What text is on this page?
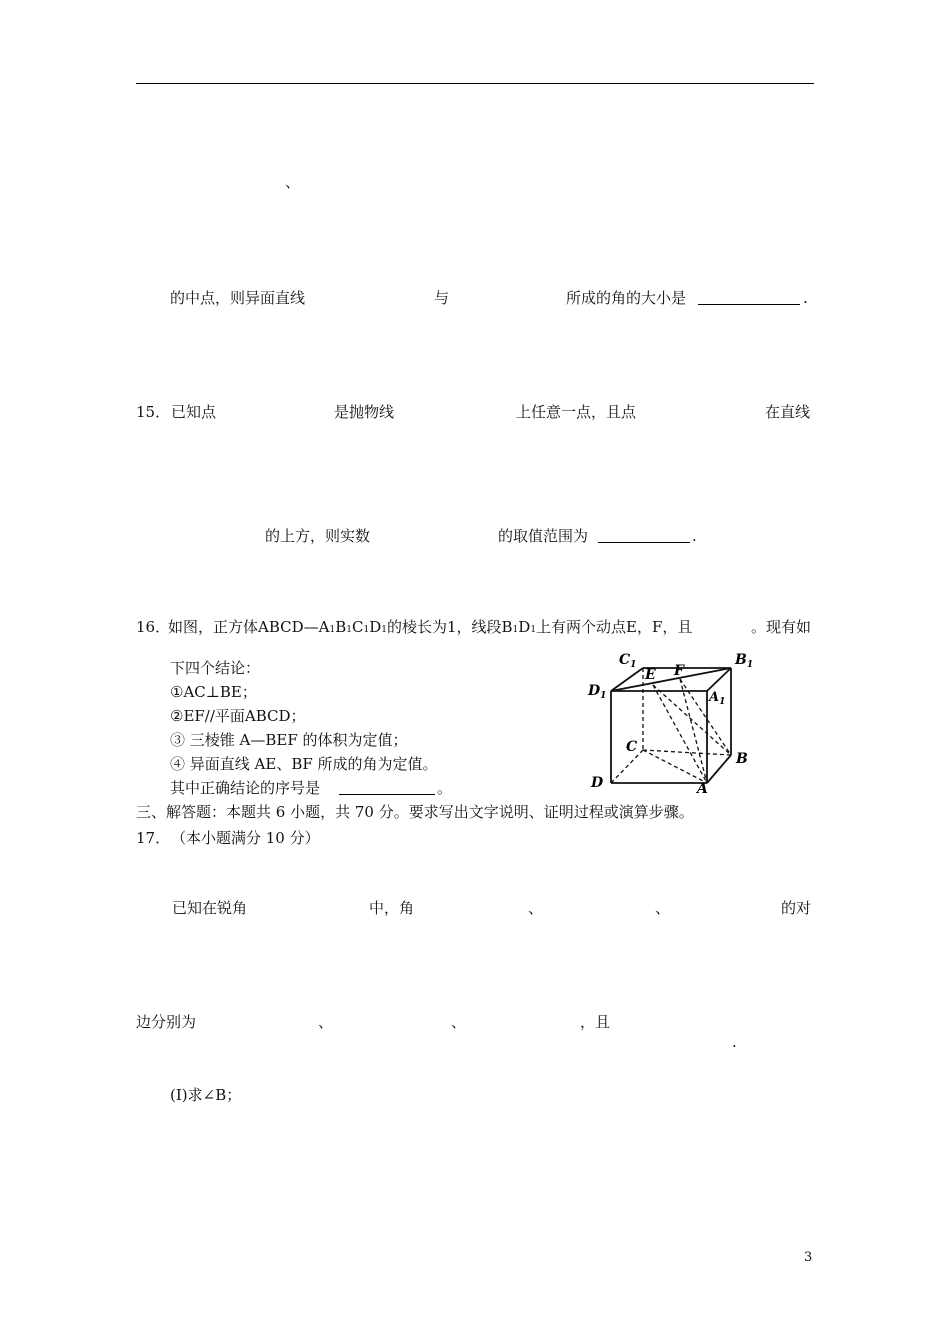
、
的中点，则异面直线	与	所成的角的大小是	.
15． 已知点	是抛物线	上任意一点，且点	在直线
的上方，则实数	的取值范围为	.
16．
如图，正方体ABCD—A1B1C1D1的棱长为1，线段B1D1上有两个动点E，F，且	。现有如
下四个结论：
①AC⊥BE；
②EF//平面ABCD；
③ 三棱锥 A—BEF 的体积为定值；
④ 异面直线 AE、BF 所成的角为定值。
其中正确结论的序号是	。
$C_1$	$B_1$
$D_1$	$A_1$
E F
C
B
D	A
三、解答题：本题共 6 小题，共 70 分。要求写出文字说明、证明过程或演算步骤。
17． （本小题满分 10 分）
已知在锐角	中，角	、	、	的对
边分别为	、	、	，且
.
(I)求∠B；
3
